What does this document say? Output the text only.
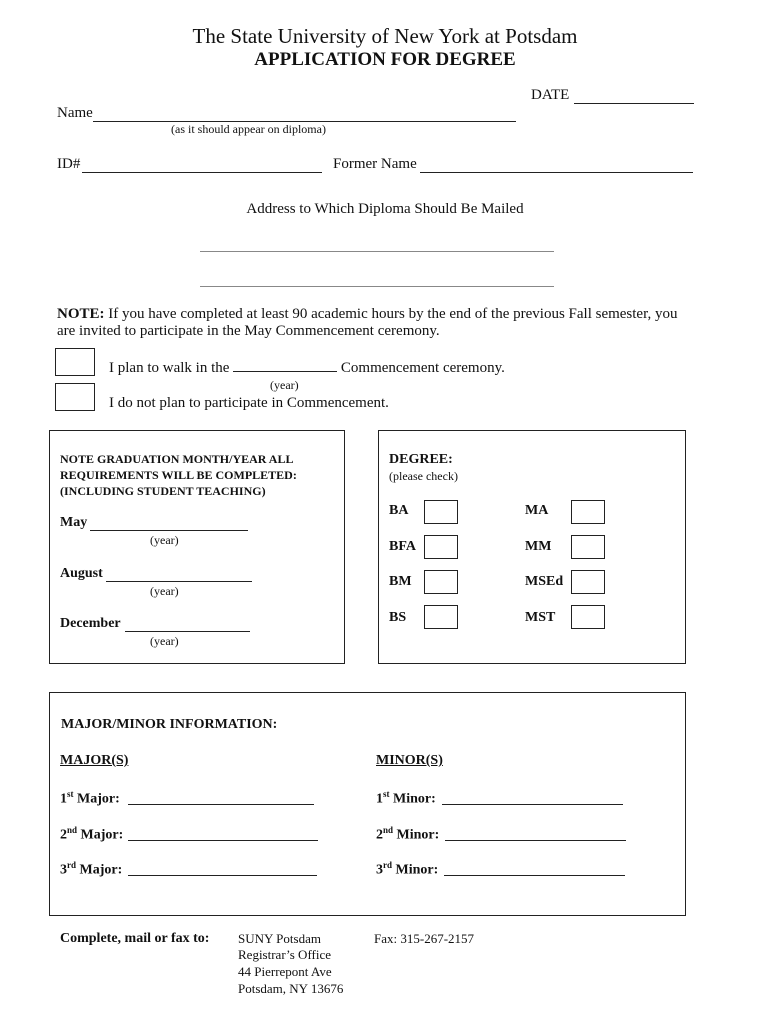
The State University of New York at Potsdam
APPLICATION FOR DEGREE
DATE
Name
(as it should appear on diploma)
ID#	Former Name
Address to Which Diploma Should Be Mailed
NOTE: If you have completed at least 90 academic hours by the end of the previous Fall semester, you
are invited to participate in the May Commencement ceremony.
I plan to walk in the	Commencement ceremony.
(year)
I do not plan to participate in Commencement.
NOTE GRADUATION MONTH/YEAR ALL
REQUIREMENTS WILL BE COMPLETED:
(INCLUDING STUDENT TEACHING)
May
(year)
August
(year)
December
(year)
DEGREE:
(please check)
BA	MA
BFA	MM
BM	MSEd
BS	MST
MAJOR/MINOR INFORMATION:
MAJOR(S)	MINOR(S)
1st Major:	1st Minor:
2nd Major:	2nd Minor:
3rd Major:	3rd Minor:
Complete, mail or fax to: SUNY Potsdam
Registrar’s Office
44 Pierrepont Ave
Potsdam, NY 13676
Fax: 315-267-2157
